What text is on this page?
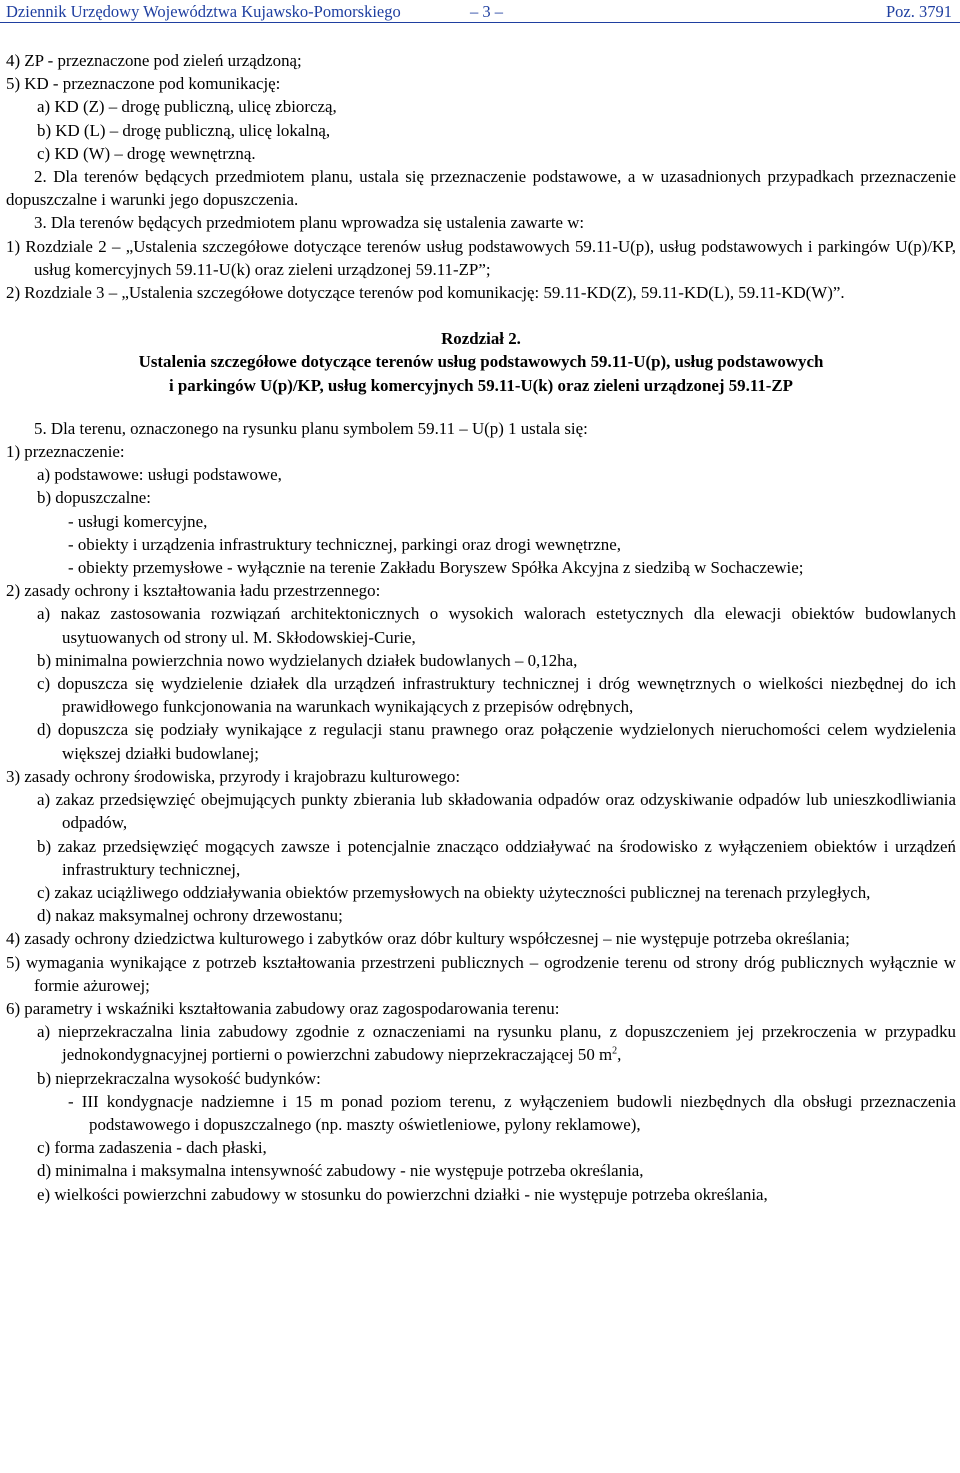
Dziennik Urzędowy Województwa Kujawsko-Pomorskiego	– 3 –	Poz. 3791

4) ZP - przeznaczone pod zieleń urządzoną;

5) KD - przeznaczone pod komunikację:

a) KD (Z) – drogę publiczną, ulicę zbiorczą,

b) KD (L) – drogę publiczną, ulicę lokalną,

c) KD (W) – drogę wewnętrzną.

2. Dla terenów będących przedmiotem planu, ustala się przeznaczenie podstawowe, a w uzasadnionych przypadkach przeznaczenie dopuszczalne i warunki jego dopuszczenia.

3. Dla terenów będących przedmiotem planu wprowadza się ustalenia zawarte w:

1) Rozdziale 2 – „Ustalenia szczegółowe dotyczące terenów usług podstawowych 59.11-U(p), usług podstawowych i parkingów U(p)/KP, usług komercyjnych 59.11-U(k) oraz zieleni urządzonej 59.11-ZP”;

2) Rozdziale 3 – „Ustalenia szczegółowe dotyczące terenów pod komunikację: 59.11-KD(Z), 59.11-KD(L), 59.11-KD(W)”.

Rozdział 2.

Ustalenia szczegółowe dotyczące terenów usług podstawowych 59.11-U(p), usług podstawowych

i parkingów U(p)/KP, usług komercyjnych 59.11-U(k) oraz zieleni urządzonej 59.11-ZP

5. Dla terenu, oznaczonego na rysunku planu symbolem 59.11 – U(p) 1 ustala się:

1) przeznaczenie:

a) podstawowe: usługi podstawowe,

b) dopuszczalne:

- usługi komercyjne,

- obiekty i urządzenia infrastruktury technicznej, parkingi oraz drogi wewnętrzne,

- obiekty przemysłowe - wyłącznie na terenie Zakładu Boryszew Spółka Akcyjna z siedzibą w Sochaczewie;

2) zasady ochrony i kształtowania ładu przestrzennego:

a) nakaz zastosowania rozwiązań architektonicznych o wysokich walorach estetycznych dla elewacji obiektów budowlanych usytuowanych od strony ul. M. Skłodowskiej-Curie,

b) minimalna powierzchnia nowo wydzielanych działek budowlanych – 0,12ha,

c) dopuszcza się wydzielenie działek dla urządzeń infrastruktury technicznej i dróg wewnętrznych o wielkości niezbędnej do ich prawidłowego funkcjonowania na warunkach wynikających z przepisów odrębnych,

d) dopuszcza się podziały wynikające z regulacji stanu prawnego oraz połączenie wydzielonych nieruchomości celem wydzielenia większej działki budowlanej;

3) zasady ochrony środowiska, przyrody i krajobrazu kulturowego:

a) zakaz przedsięwzięć obejmujących punkty zbierania lub składowania odpadów oraz odzyskiwanie odpadów lub unieszkodliwiania odpadów,

b) zakaz przedsięwzięć mogących zawsze i potencjalnie znacząco oddziaływać na środowisko z wyłączeniem obiektów i urządzeń infrastruktury technicznej,

c) zakaz uciążliwego oddziaływania obiektów przemysłowych na obiekty użyteczności publicznej na terenach przyległych,

d) nakaz maksymalnej ochrony drzewostanu;

4) zasady ochrony dziedzictwa kulturowego i zabytków oraz dóbr kultury współczesnej – nie występuje potrzeba określania;

5) wymagania wynikające z potrzeb kształtowania przestrzeni publicznych – ogrodzenie terenu od strony dróg publicznych wyłącznie w formie ażurowej;

6) parametry i wskaźniki kształtowania zabudowy oraz zagospodarowania terenu:

a) nieprzekraczalna linia zabudowy zgodnie z oznaczeniami na rysunku planu, z dopuszczeniem jej przekroczenia w przypadku jednokondygnacyjnej portierni o powierzchni zabudowy nieprzekraczającej 50 $m^2$,

b) nieprzekraczalna wysokość budynków:

- III kondygnacje nadziemne i 15 m ponad poziom terenu, z wyłączeniem budowli niezbędnych dla obsługi przeznaczenia podstawowego i dopuszczalnego (np. maszty oświetleniowe, pylony reklamowe),

c) forma zadaszenia - dach płaski,

d) minimalna i maksymalna intensywność zabudowy - nie występuje potrzeba określania,

e) wielkości powierzchni zabudowy w stosunku do powierzchni działki - nie występuje potrzeba określania,
